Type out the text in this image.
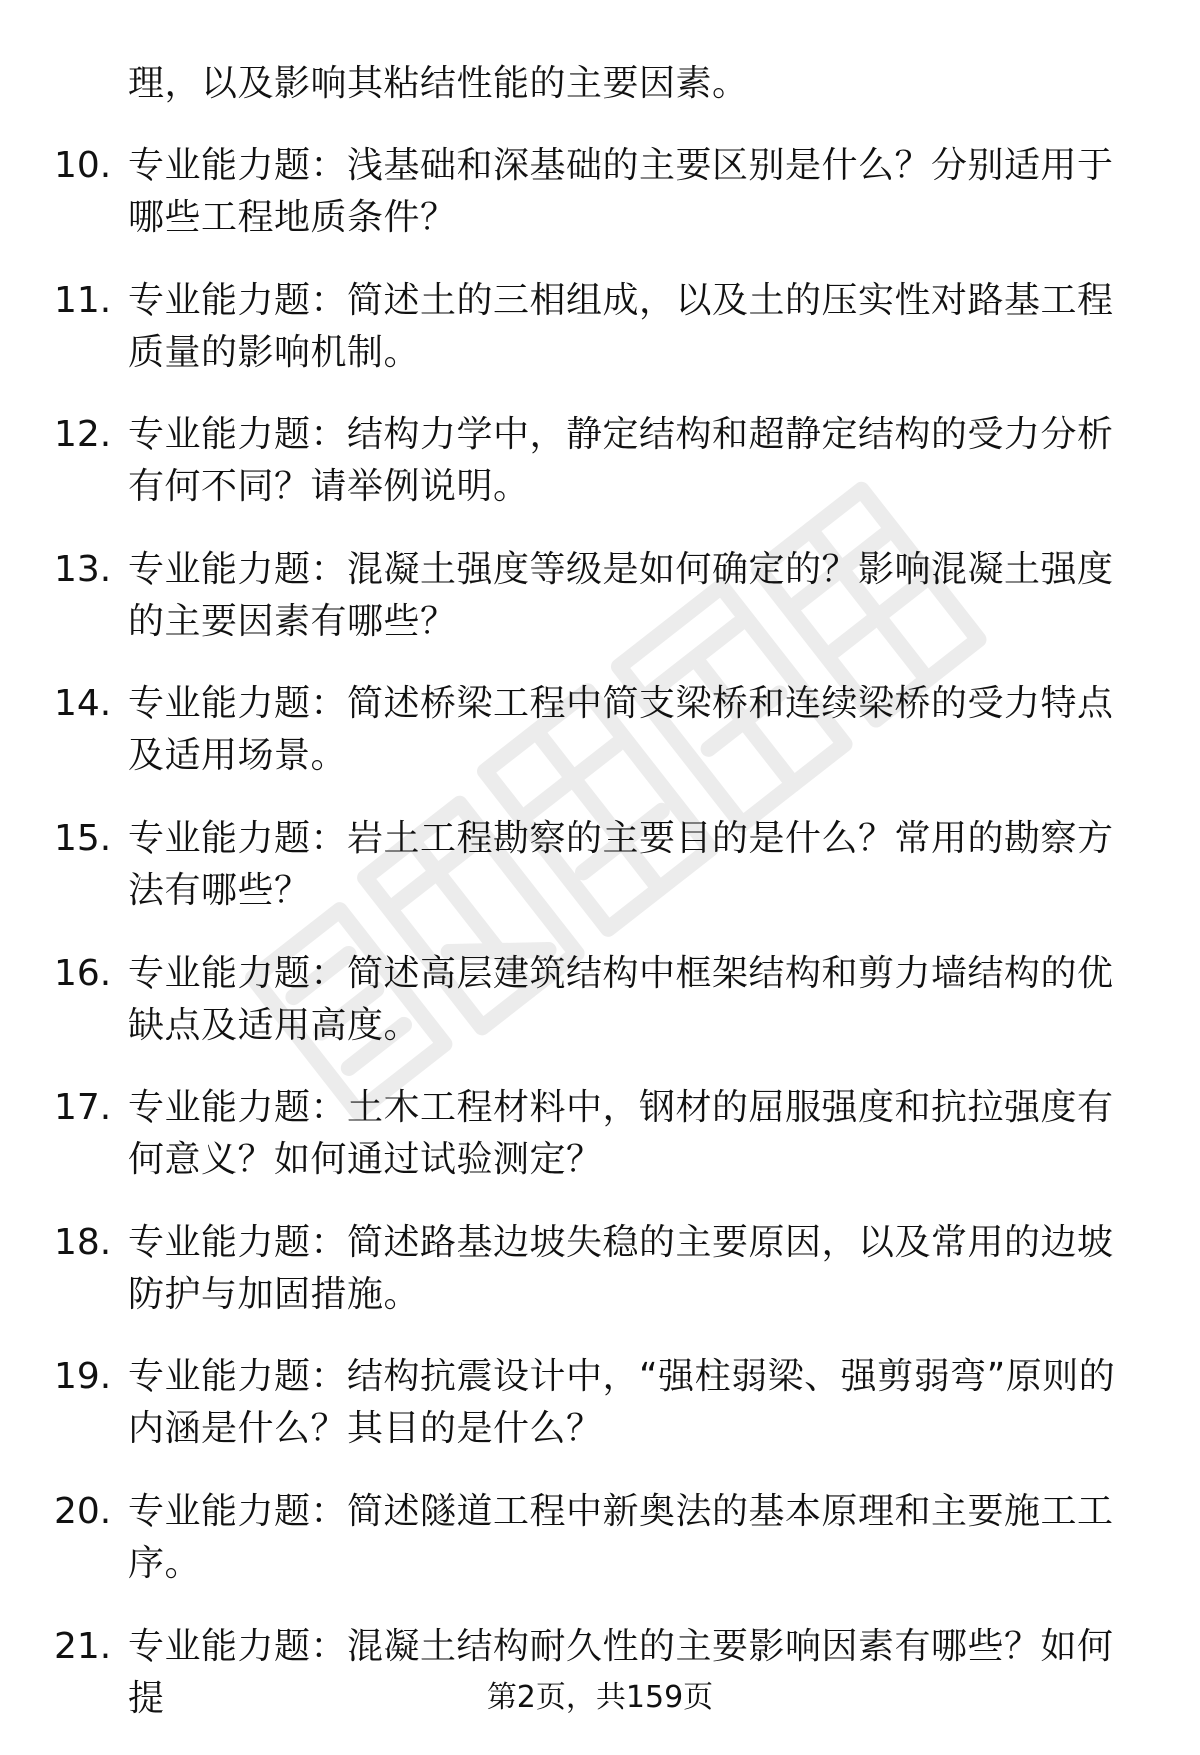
理，以及影响其粘结性能的主要因素。
10. 专业能力题：浅基础和深基础的主要区别是什么？分别适用于哪些工程地质条件？
11. 专业能力题：简述土的三相组成，以及土的压实性对路基工程质量的影响机制。
12. 专业能力题：结构力学中，静定结构和超静定结构的受力分析有何不同？请举例说明。
13. 专业能力题：混凝土强度等级是如何确定的？影响混凝土强度的主要因素有哪些？
14. 专业能力题：简述桥梁工程中简支梁桥和连续梁桥的受力特点及适用场景。
15. 专业能力题：岩土工程勘察的主要目的是什么？常用的勘察方法有哪些？
16. 专业能力题：简述高层建筑结构中框架结构和剪力墙结构的优缺点及适用高度。
17. 专业能力题：土木工程材料中，钢材的屈服强度和抗拉强度有何意义？如何通过试验测定？
18. 专业能力题：简述路基边坡失稳的主要原因，以及常用的边坡防护与加固措施。
19. 专业能力题：结构抗震设计中，“强柱弱梁、强剪弱弯”原则的内涵是什么？其目的是什么？
20. 专业能力题：简述隧道工程中新奥法的基本原理和主要施工工序。
21. 专业能力题：混凝土结构耐久性的主要影响因素有哪些？如何提	第2页，共159页
